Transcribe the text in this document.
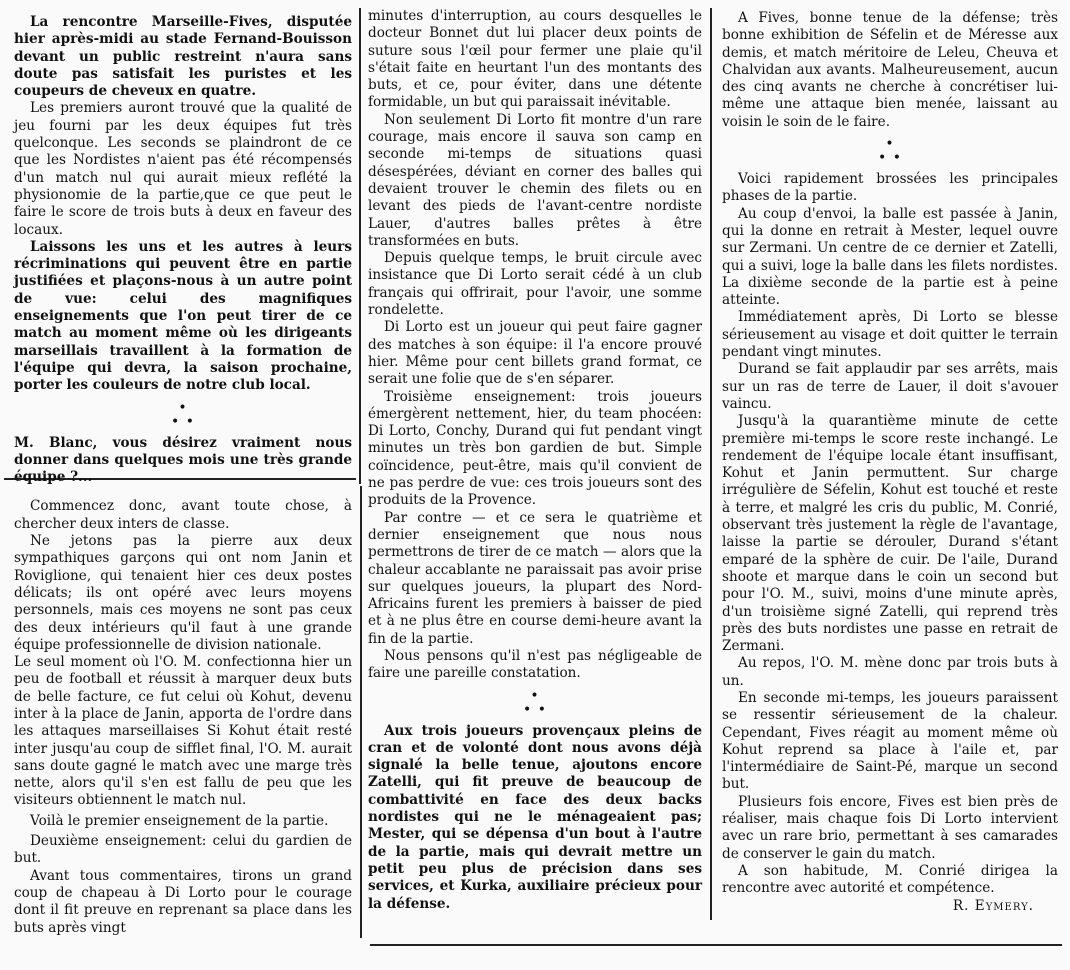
La rencontre Marseille-Fives, disputée hier après-midi au stade Fernand-Bouisson devant un public restreint n'aura sans doute pas satisfait les puristes et les coupeurs de cheveux en quatre.

Les premiers auront trouvé que la qualité de jeu fourni par les deux équipes fut très quelconque. Les seconds se plaindront de ce que les Nordistes n'aient pas été récompensés d'un match nul qui aurait mieux reflété la physionomie de la partie,que ce que peut le faire le score de trois buts à deux en faveur des locaux.

Laissons les uns et les autres à leurs récriminations qui peuvent être en partie justifiées et plaçons-nous à un autre point de vue: celui des magnifiques enseignements que l'on peut tirer de ce match au moment même où les dirigeants marseillais travaillent à la formation de l'équipe qui devra, la saison prochaine, porter les couleurs de notre club local.

•
• •

M. Blanc, vous désirez vraiment nous donner dans quelques mois une très grande équipe ?...

Commencez donc, avant toute chose, à chercher deux inters de classe.

Ne jetons pas la pierre aux deux sympathiques garçons qui ont nom Janin et Roviglione, qui tenaient hier ces deux postes délicats; ils ont opéré avec leurs moyens personnels, mais ces moyens ne sont pas ceux des deux intérieurs qu'il faut à une grande équipe professionnelle de division nationale.

Le seul moment où l'O. M. confectionna hier un peu de football et réussit à marquer deux buts de belle facture, ce fut celui où Kohut, devenu inter à la place de Janin, apporta de l'ordre dans les attaques marseillaises Si Kohut était resté inter jusqu'au coup de sifflet final, l'O. M. aurait sans doute gagné le match avec une marge très nette, alors qu'il s'en est fallu de peu que les visiteurs obtiennent le match nul.

Voilà le premier enseignement de la partie.

Deuxième enseignement: celui du gardien de but.

Avant tous commentaires, tirons un grand coup de chapeau à Di Lorto pour le courage dont il fit preuve en reprenant sa place dans les buts après vingt

minutes d'interruption, au cours desquelles le docteur Bonnet dut lui placer deux points de suture sous l'œil pour fermer une plaie qu'il s'était faite en heurtant l'un des montants des buts, et ce, pour éviter, dans une détente formidable, un but qui paraissait inévitable.

Non seulement Di Lorto fit montre d'un rare courage, mais encore il sauva son camp en seconde mi-temps de situations quasi désespérées, déviant en corner des balles qui devaient trouver le chemin des filets ou en levant des pieds de l'avant-centre nordiste Lauer, d'autres balles prêtes à être transformées en buts.

Depuis quelque temps, le bruit circule avec insistance que Di Lorto serait cédé à un club français qui offrirait, pour l'avoir, une somme rondelette.

Di Lorto est un joueur qui peut faire gagner des matches à son équipe: il l'a encore prouvé hier. Même pour cent billets grand format, ce serait une folie que de s'en séparer.

Troisième enseignement: trois joueurs émergèrent nettement, hier, du team phocéen: Di Lorto, Conchy, Durand qui fut pendant vingt minutes un très bon gardien de but. Simple coïncidence, peut-être, mais qu'il convient de ne pas perdre de vue: ces trois joueurs sont des produits de la Provence.

Par contre — et ce sera le quatrième et dernier enseignement que nous nous permettrons de tirer de ce match — alors que la chaleur accablante ne paraissait pas avoir prise sur quelques joueurs, la plupart des Nord-Africains furent les premiers à baisser de pied et à ne plus être en course demi-heure avant la fin de la partie.

Nous pensons qu'il n'est pas négligeable de faire une pareille constatation.

•
• •

Aux trois joueurs provençaux pleins de cran et de volonté dont nous avons déjà signalé la belle tenue, ajoutons encore Zatelli, qui fit preuve de beaucoup de combattivité en face des deux backs nordistes qui ne le ménageaient pas; Mester, qui se dépensa d'un bout à l'autre de la partie, mais qui devrait mettre un petit peu plus de précision dans ses services, et Kurka, auxiliaire précieux pour la défense.

A Fives, bonne tenue de la défense; très bonne exhibition de Séfelin et de Méresse aux demis, et match méritoire de Leleu, Cheuva et Chalvidan aux avants. Malheureusement, aucun des cinq avants ne cherche à concrétiser lui-même une attaque bien menée, laissant au voisin le soin de le faire.

•
• •

Voici rapidement brossées les principales phases de la partie.

Au coup d'envoi, la balle est passée à Janin, qui la donne en retrait à Mester, lequel ouvre sur Zermani. Un centre de ce dernier et Zatelli, qui a suivi, loge la balle dans les filets nordistes. La dixième seconde de la partie est à peine atteinte.

Immédiatement après, Di Lorto se blesse sérieusement au visage et doit quitter le terrain pendant vingt minutes.

Durand se fait applaudir par ses arrêts, mais sur un ras de terre de Lauer, il doit s'avouer vaincu.

Jusqu'à la quarantième minute de cette première mi-temps le score reste inchangé. Le rendement de l'équipe locale étant insuffisant, Kohut et Janin permuttent. Sur charge irrégulière de Séfelin, Kohut est touché et reste à terre, et malgré les cris du public, M. Conrié, observant très justement la règle de l'avantage, laisse la partie se dérouler, Durand s'étant emparé de la sphère de cuir. De l'aile, Durand shoote et marque dans le coin un second but pour l'O. M., suivi, moins d'une minute après, d'un troisième signé Zatelli, qui reprend très près des buts nordistes une passe en retrait de Zermani.

Au repos, l'O. M. mène donc par trois buts à un.

En seconde mi-temps, les joueurs paraissent se ressentir sérieusement de la chaleur. Cependant, Fives réagit au moment même où Kohut reprend sa place à l'aile et, par l'intermédiaire de Saint-Pé, marque un second but.

Plusieurs fois encore, Fives est bien près de réaliser, mais chaque fois Di Lorto intervient avec un rare brio, permettant à ses camarades de conserver le gain du match.

A son habitude, M. Conrié dirigea la rencontre avec autorité et compétence.

R. Eymery.
